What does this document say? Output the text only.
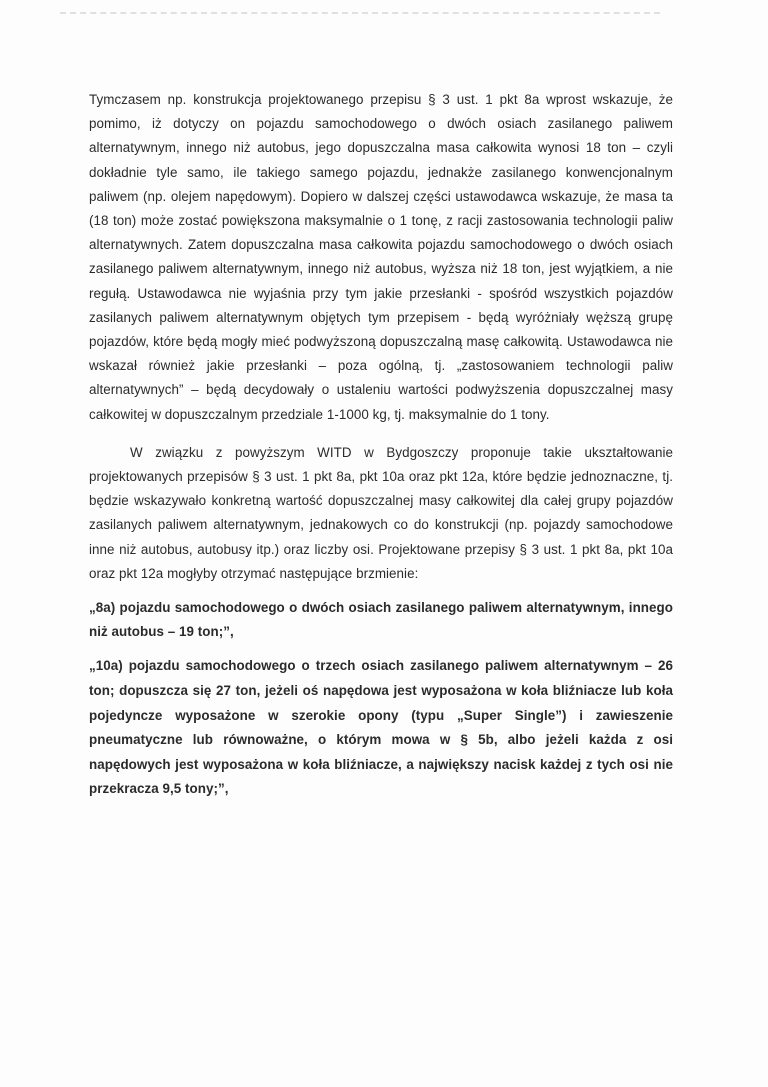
Tymczasem np. konstrukcja projektowanego przepisu § 3 ust. 1 pkt 8a wprost wskazuje, że pomimo, iż dotyczy on pojazdu samochodowego o dwóch osiach zasilanego paliwem alternatywnym, innego niż autobus, jego dopuszczalna masa całkowita wynosi 18 ton – czyli dokładnie tyle samo, ile takiego samego pojazdu, jednakże zasilanego konwencjonalnym paliwem (np. olejem napędowym). Dopiero w dalszej części ustawodawca wskazuje, że masa ta (18 ton) może zostać powiększona maksymalnie o 1 tonę, z racji zastosowania technologii paliw alternatywnych. Zatem dopuszczalna masa całkowita pojazdu samochodowego o dwóch osiach zasilanego paliwem alternatywnym, innego niż autobus, wyższa niż 18 ton, jest wyjątkiem, a nie regułą. Ustawodawca nie wyjaśnia przy tym jakie przesłanki - spośród wszystkich pojazdów zasilanych paliwem alternatywnym objętych tym przepisem - będą wyróżniały węższą grupę pojazdów, które będą mogły mieć podwyższoną dopuszczalną masę całkowitą. Ustawodawca nie wskazał również jakie przesłanki – poza ogólną, tj. „zastosowaniem technologii paliw alternatywnych” – będą decydowały o ustaleniu wartości podwyższenia dopuszczalnej masy całkowitej w dopuszczalnym przedziale 1-1000 kg, tj. maksymalnie do 1 tony.

W związku z powyższym WITD w Bydgoszczy proponuje takie ukształtowanie projektowanych przepisów § 3 ust. 1 pkt 8a, pkt 10a oraz pkt 12a, które będzie jednoznaczne, tj. będzie wskazywało konkretną wartość dopuszczalnej masy całkowitej dla całej grupy pojazdów zasilanych paliwem alternatywnym, jednakowych co do konstrukcji (np. pojazdy samochodowe inne niż autobus, autobusy itp.) oraz liczby osi. Projektowane przepisy § 3 ust. 1 pkt 8a, pkt 10a oraz pkt 12a mogłyby otrzymać następujące brzmienie:

„8a) pojazdu samochodowego o dwóch osiach zasilanego paliwem alternatywnym, innego niż autobus – 19 ton;”,

„10a) pojazdu samochodowego o trzech osiach zasilanego paliwem alternatywnym – 26 ton; dopuszcza się 27 ton, jeżeli oś napędowa jest wyposażona w koła bliźniacze lub koła pojedyncze wyposażone w szerokie opony (typu „Super Single”) i zawieszenie pneumatyczne lub równoważne, o którym mowa w § 5b, albo jeżeli każda z osi napędowych jest wyposażona w koła bliźniacze, a największy nacisk każdej z tych osi nie przekracza 9,5 tony;”,
